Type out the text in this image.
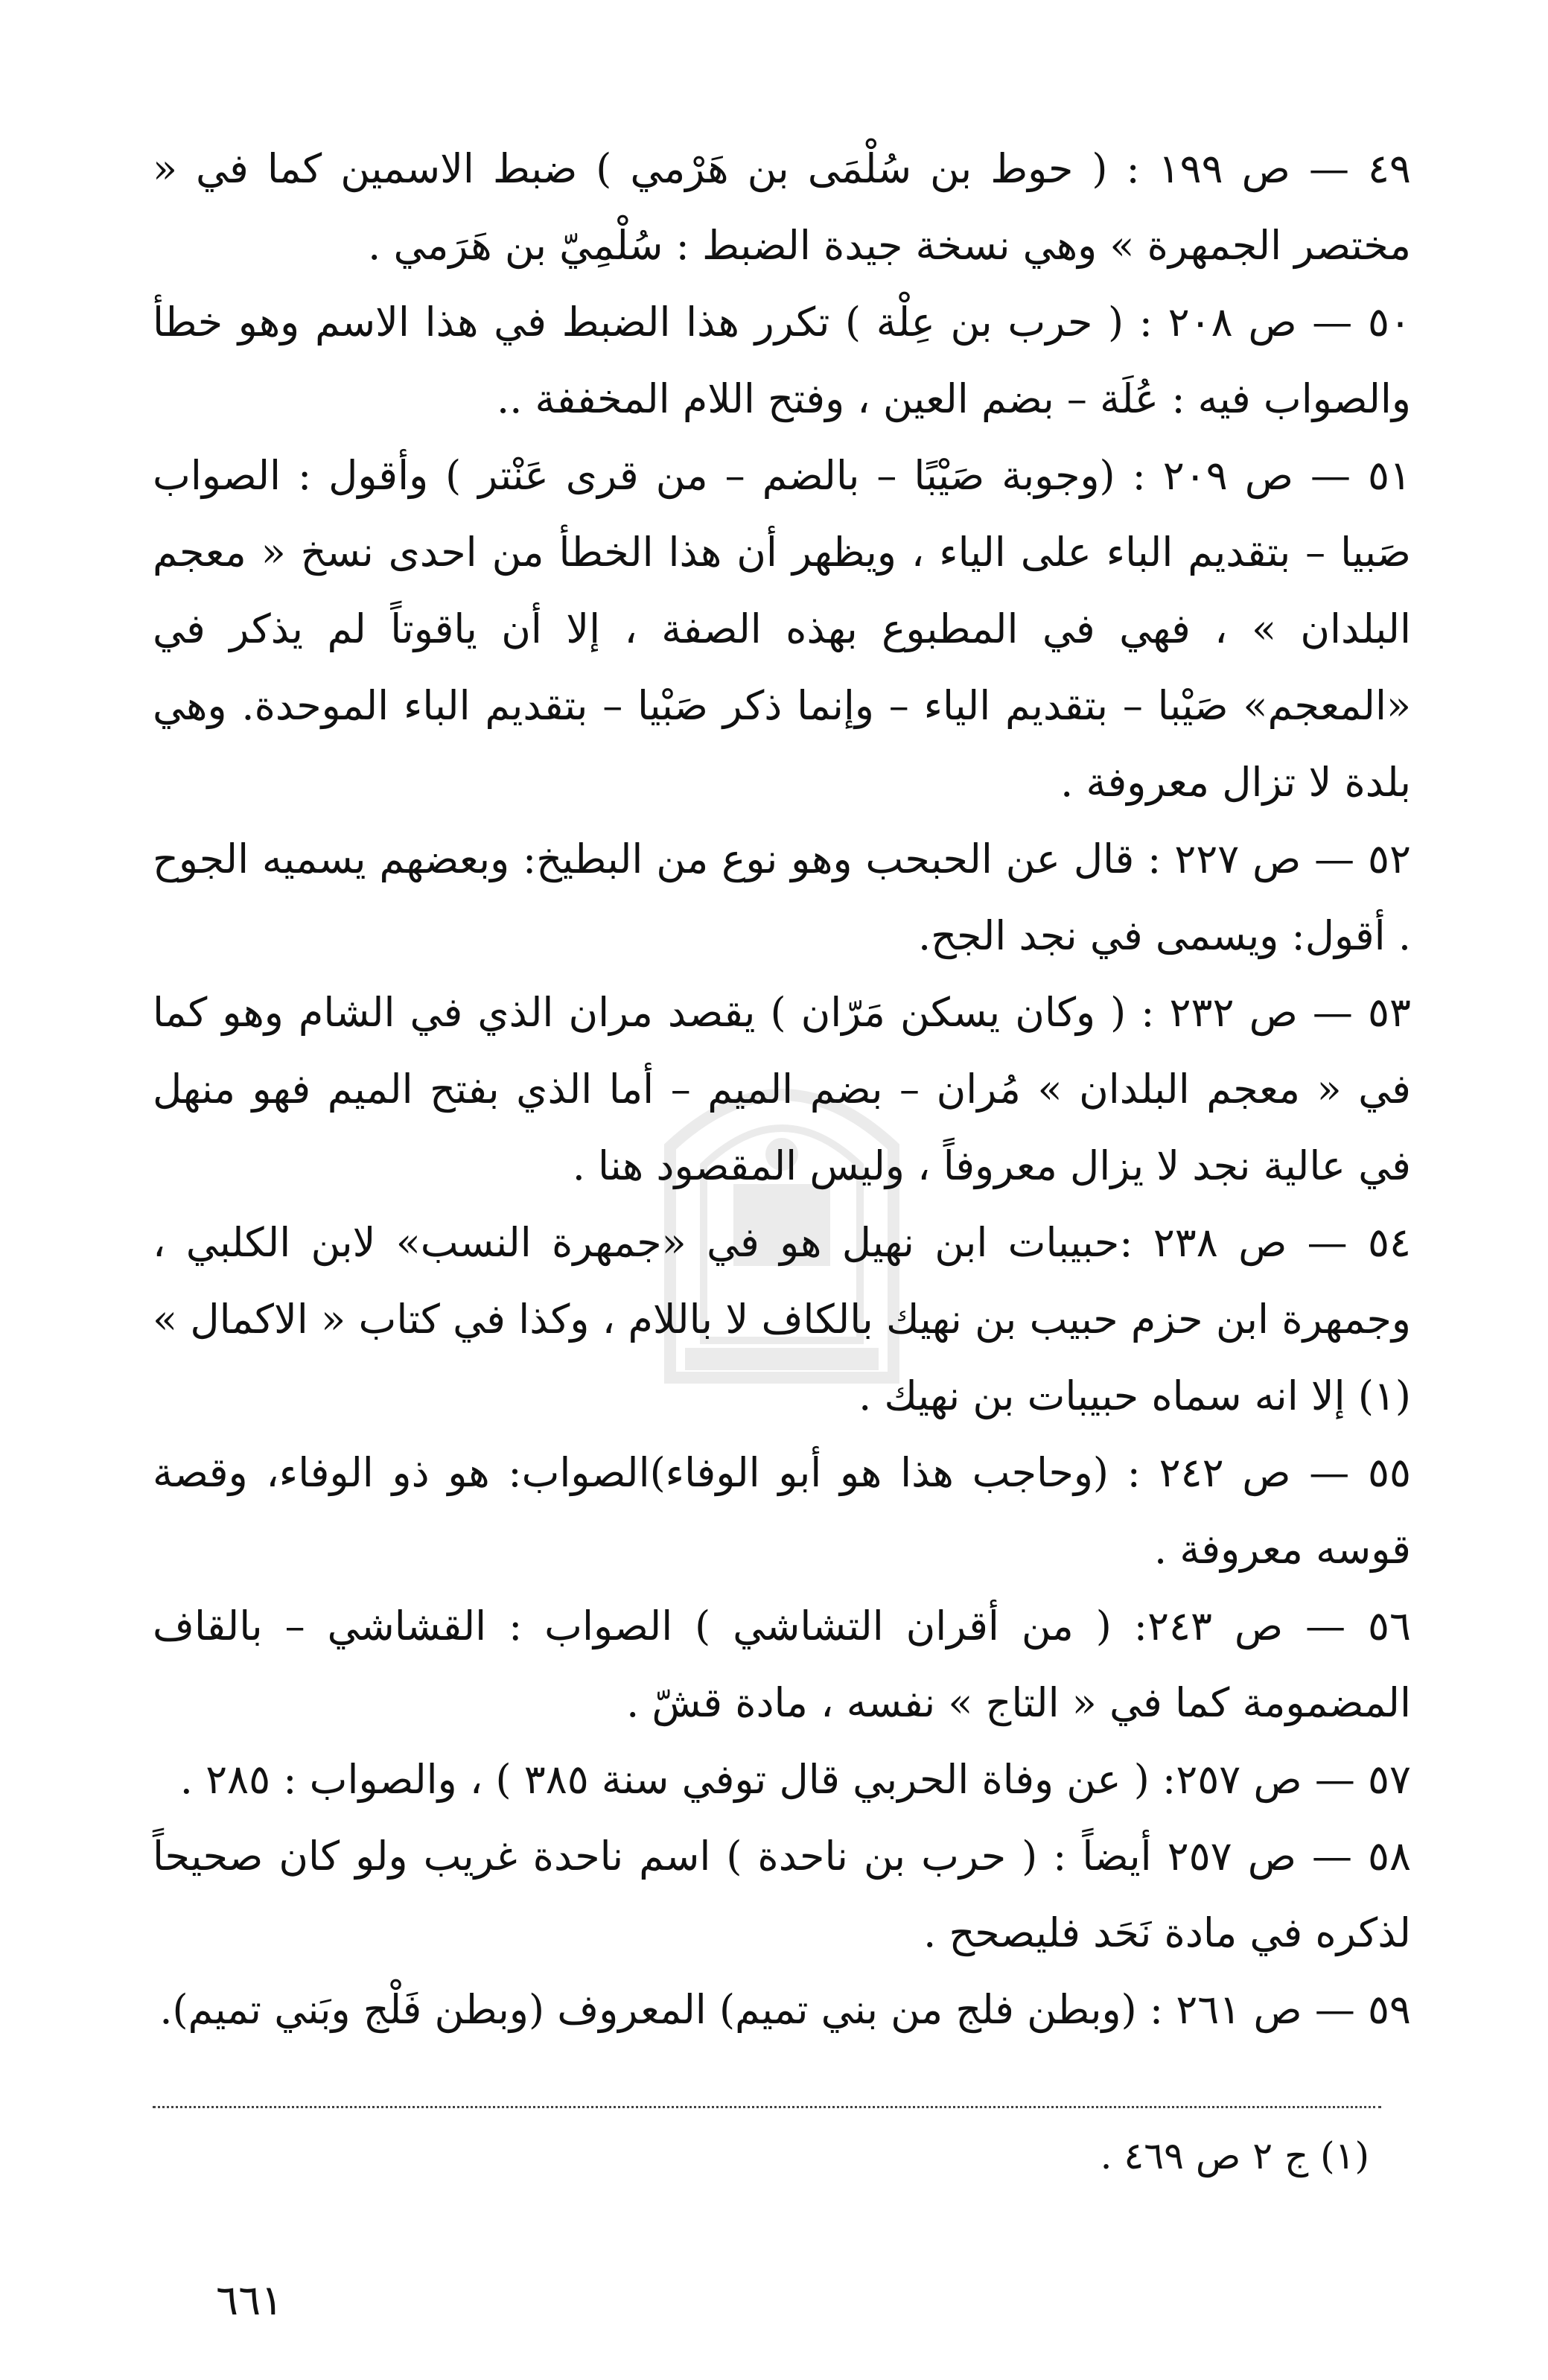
٤٩ — ص ١٩٩ : ( حوط بن سُلْمَى بن هَرْمي ) ضبط الاسمين كما في « مختصر الجمهرة » وهي نسخة جيدة الضبط : سُلْمِيّ بن هَرَمي .

٥٠ — ص ٢٠٨ : ( حرب بن عِلْة ) تكرر هذا الضبط في هذا الاسم وهو خطأ والصواب فيه : عُلَة – بضم العين ، وفتح اللام المخففة ..

٥١ — ص ٢٠٩ : (وجوبة صَيْبًا – بالضم – من قرى عَنْتر ) وأقول : الصواب صَبيا – بتقديم الباء على الياء ، ويظهر أن هذا الخطأ من احدى نسخ « معجم البلدان » ، فهي في المطبوع بهذه الصفة ، إلا أن ياقوتاً لم يذكر في «المعجم» صَيْبا – بتقديم الياء – وإنما ذكر صَبْيا – بتقديم الباء الموحدة. وهي بلدة لا تزال معروفة .

٥٢ — ص ٢٢٧ : قال عن الحبحب وهو نوع من البطيخ: وبعضهم يسميه الجوح . أقول: ويسمى في نجد الجح.

٥٣ — ص ٢٣٢ : ( وكان يسكن مَرّان ) يقصد مران الذي في الشام وهو كما في « معجم البلدان » مُران – بضم الميم – أما الذي بفتح الميم فهو منهل في عالية نجد لا يزال معروفاً ، وليس المقصود هنا .

٥٤ — ص ٢٣٨ :حبيبات ابن نهيل هو في «جمهرة النسب» لابن الكلبي ، وجمهرة ابن حزم حبيب بن نهيك بالكاف لا باللام ، وكذا في كتاب « الاكمال » (١) إلا انه سماه حبيبات بن نهيك .

٥٥ — ص ٢٤٢ : (وحاجب هذا هو أبو الوفاء)الصواب: هو ذو الوفاء، وقصة قوسه معروفة .

٥٦ — ص ٢٤٣: ( من أقران التشاشي ) الصواب : القشاشي – بالقاف المضمومة كما في « التاج » نفسه ، مادة قشّ .

٥٧ — ص ٢٥٧: ( عن وفاة الحربي قال توفي سنة ٣٨٥ ) ، والصواب : ٢٨٥ .

٥٨ — ص ٢٥٧ أيضاً : ( حرب بن ناحدة ) اسم ناحدة غريب ولو كان صحيحاً لذكره في مادة نَحَد فليصحح .

٥٩ — ص ٢٦١ : (وبطن فلج من بني تميم) المعروف (وبطن فَلْج وبَني تميم).

(١) ج ٢ ص ٤٦٩ .
٦٦١
